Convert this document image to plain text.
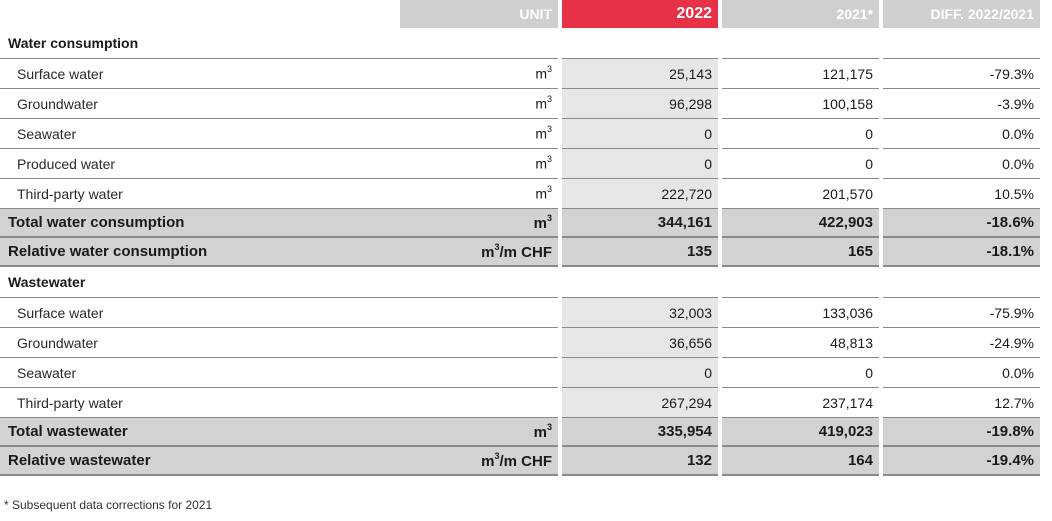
	UNIT		2022		2021*		DIFF. 2022/2021
Water consumption							
Surface water	$m^3$		25,143		121,175		-79.3%
Groundwater	$m^3$		96,298		100,158		-3.9%
Seawater	$m^3$		0		0		0.0%
Produced water	$m^3$		0		0		0.0%
Third-party water	$m^3$		222,720		201,570		10.5%
Total water consumption	$m^3$		344,161		422,903		-18.6%
Relative water consumption	$m^3/m$ CHF		135		165		-18.1%
Wastewater							
Surface water			32,003		133,036		-75.9%
Groundwater			36,656		48,813		-24.9%
Seawater			0		0		0.0%
Third-party water			267,294		237,174		12.7%
Total wastewater	$m^3$		335,954		419,023		-19.8%
Relative wastewater	$m^3/m$ CHF		132		164		-19.4%
* Subsequent data corrections for 2021
